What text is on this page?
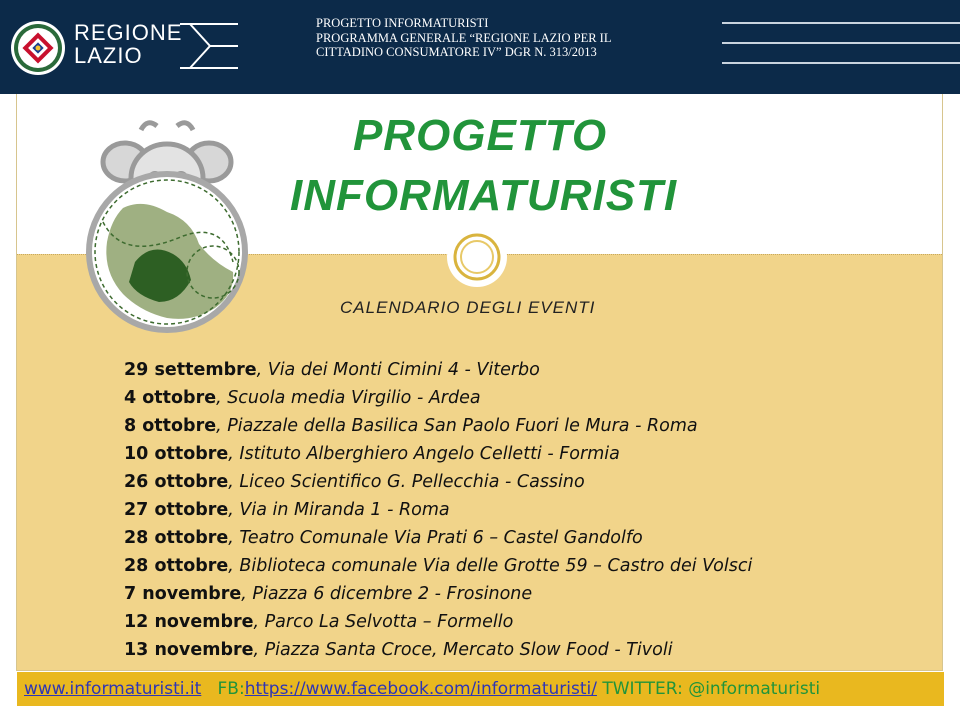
REGIONE
LAZIO
PROGETTO INFORMATURISTI
PROGRAMMA GENERALE “REGIONE LAZIO PER IL
CITTADINO CONSUMATORE IV” DGR N. 313/2013
PROGETTO
INFORMATURISTI
CALENDARIO DEGLI EVENTI
29 settembre, Via dei Monti Cimini 4 - Viterbo
4 ottobre, Scuola media Virgilio - Ardea
8 ottobre, Piazzale della Basilica San Paolo Fuori le Mura - Roma
10 ottobre, Istituto Alberghiero Angelo Celletti - Formia
26 ottobre, Liceo Scientifico G. Pellecchia - Cassino
27 ottobre, Via in Miranda 1 - Roma
28 ottobre, Teatro Comunale Via Prati 6 – Castel Gandolfo
28 ottobre, Biblioteca comunale Via delle Grotte 59 – Castro dei Volsci
7 novembre, Piazza 6 dicembre 2 - Frosinone
12 novembre, Parco La Selvotta – Formello
13 novembre, Piazza Santa Croce, Mercato Slow Food - Tivoli
www.informaturisti.it FB:https://www.facebook.com/informaturisti/ TWITTER: @informaturisti
